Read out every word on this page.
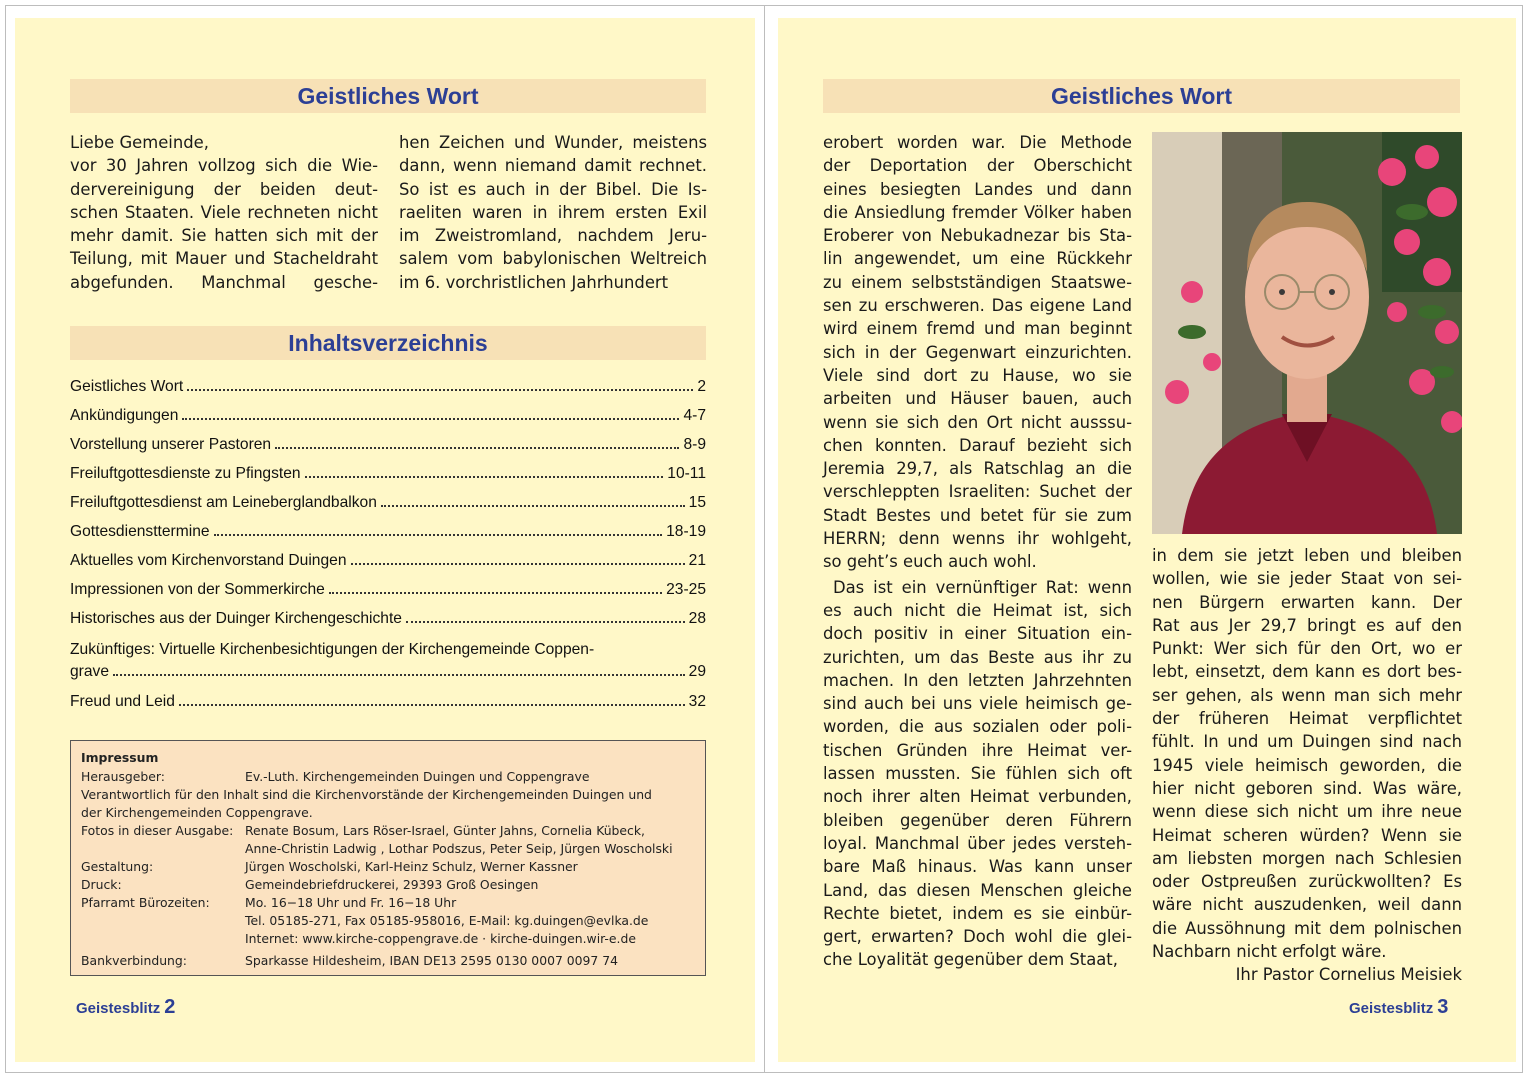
Geistliches Wort
Liebe Gemeinde,
vor 30 Jahren vollzog sich die Wie-
dervereinigung der beiden deut-
schen Staaten. Viele rechneten nicht
mehr damit. Sie hatten sich mit der
Teilung, mit Mauer und Stacheldraht
abgefunden. Manchmal gesche-
hen Zeichen und Wunder, meistens
dann, wenn niemand damit rechnet.
So ist es auch in der Bibel. Die Is-
raeliten waren in ihrem ersten Exil
im Zweistromland, nachdem Jeru-
salem vom babylonischen Weltreich
im 6. vorchristlichen Jahrhundert
Inhaltsverzeichnis
Geistliches Wort	2
Ankündigungen	4-7
Vorstellung unserer Pastoren	8-9
Freiluftgottesdienste zu Pfingsten	10-11
Freiluftgottesdienst am Leineberglandbalkon	15
Gottesdiensttermine	18-19
Aktuelles vom Kirchenvorstand Duingen	21
Impressionen von der Sommerkirche	23-25
Historisches aus der Duinger Kirchengeschichte	28
Zukünftiges: Virtuelle Kirchenbesichtigungen der Kirchengemeinde Coppen-
grave	29
Freud und Leid	32
Impressum
Herausgeber:	Ev.-Luth. Kirchengemeinden Duingen und Coppengrave
Verantwortlich für den Inhalt sind die Kirchenvorstände der Kirchengemeinden Duingen und
der Kirchengemeinden Coppengrave.
Fotos in dieser Ausgabe: Renate Bosum, Lars Röser-Israel, Günter Jahns, Cornelia Kübeck,
Anne-Christin Ladwig , Lothar Podszus, Peter Seip, Jürgen Woscholski
Gestaltung:	Jürgen Woscholski, Karl-Heinz Schulz, Werner Kassner
Druck:	Gemeindebriefdruckerei, 29393 Groß Oesingen
Pfarramt Bürozeiten:	Mo. 16−18 Uhr und Fr. 16−18 Uhr
Tel. 05185-271, Fax 05185-958016, E-Mail: kg.duingen@evlka.de
Internet: www.kirche-coppengrave.de · kirche-duingen.wir-e.de
Bankverbindung:	Sparkasse Hildesheim, IBAN DE13 2595 0130 0007 0097 74
Geistesblitz 2
Geistliches Wort
erobert worden war. Die Methode
der Deportation der Oberschicht
eines besiegten Landes und dann
die Ansiedlung fremder Völker haben
Eroberer von Nebukadnezar bis Sta-
lin angewendet, um eine Rückkehr
zu einem selbstständigen Staatswe-
sen zu erschweren. Das eigene Land
wird einem fremd und man beginnt
sich in der Gegenwart einzurichten.
Viele sind dort zu Hause, wo sie
arbeiten und Häuser bauen, auch
wenn sie sich den Ort nicht ausssu-
chen konnten. Darauf bezieht sich
Jeremia 29,7, als Ratschlag an die
verschleppten Israeliten: Suchet der
Stadt Bestes und betet für sie zum
HERRN; denn wenns ihr wohlgeht,
so geht’s euch auch wohl.
Das ist ein vernünftiger Rat: wenn
es auch nicht die Heimat ist, sich
doch positiv in einer Situation ein-
zurichten, um das Beste aus ihr zu
machen. In den letzten Jahrzehnten
sind auch bei uns viele heimisch ge-
worden, die aus sozialen oder poli-
tischen Gründen ihre Heimat ver-
lassen mussten. Sie fühlen sich oft
noch ihrer alten Heimat verbunden,
bleiben gegenüber deren Führern
loyal. Manchmal über jedes versteh-
bare Maß hinaus. Was kann unser
Land, das diesen Menschen gleiche
Rechte bietet, indem es sie einbür-
gert, erwarten? Doch wohl die glei-
che Loyalität gegenüber dem Staat,
in dem sie jetzt leben und bleiben
wollen, wie sie jeder Staat von sei-
nen Bürgern erwarten kann. Der
Rat aus Jer 29,7 bringt es auf den
Punkt: Wer sich für den Ort, wo er
lebt, einsetzt, dem kann es dort bes-
ser gehen, als wenn man sich mehr
der früheren Heimat verpflichtet
fühlt. In und um Duingen sind nach
1945 viele heimisch geworden, die
hier nicht geboren sind. Was wäre,
wenn diese sich nicht um ihre neue
Heimat scheren würden? Wenn sie
am liebsten morgen nach Schlesien
oder Ostpreußen zurückwollten? Es
wäre nicht auszudenken, weil dann
die Aussöhnung mit dem polnischen
Nachbarn nicht erfolgt wäre.

Ihr Pastor Cornelius Meisiek

Geistesblitz 3
